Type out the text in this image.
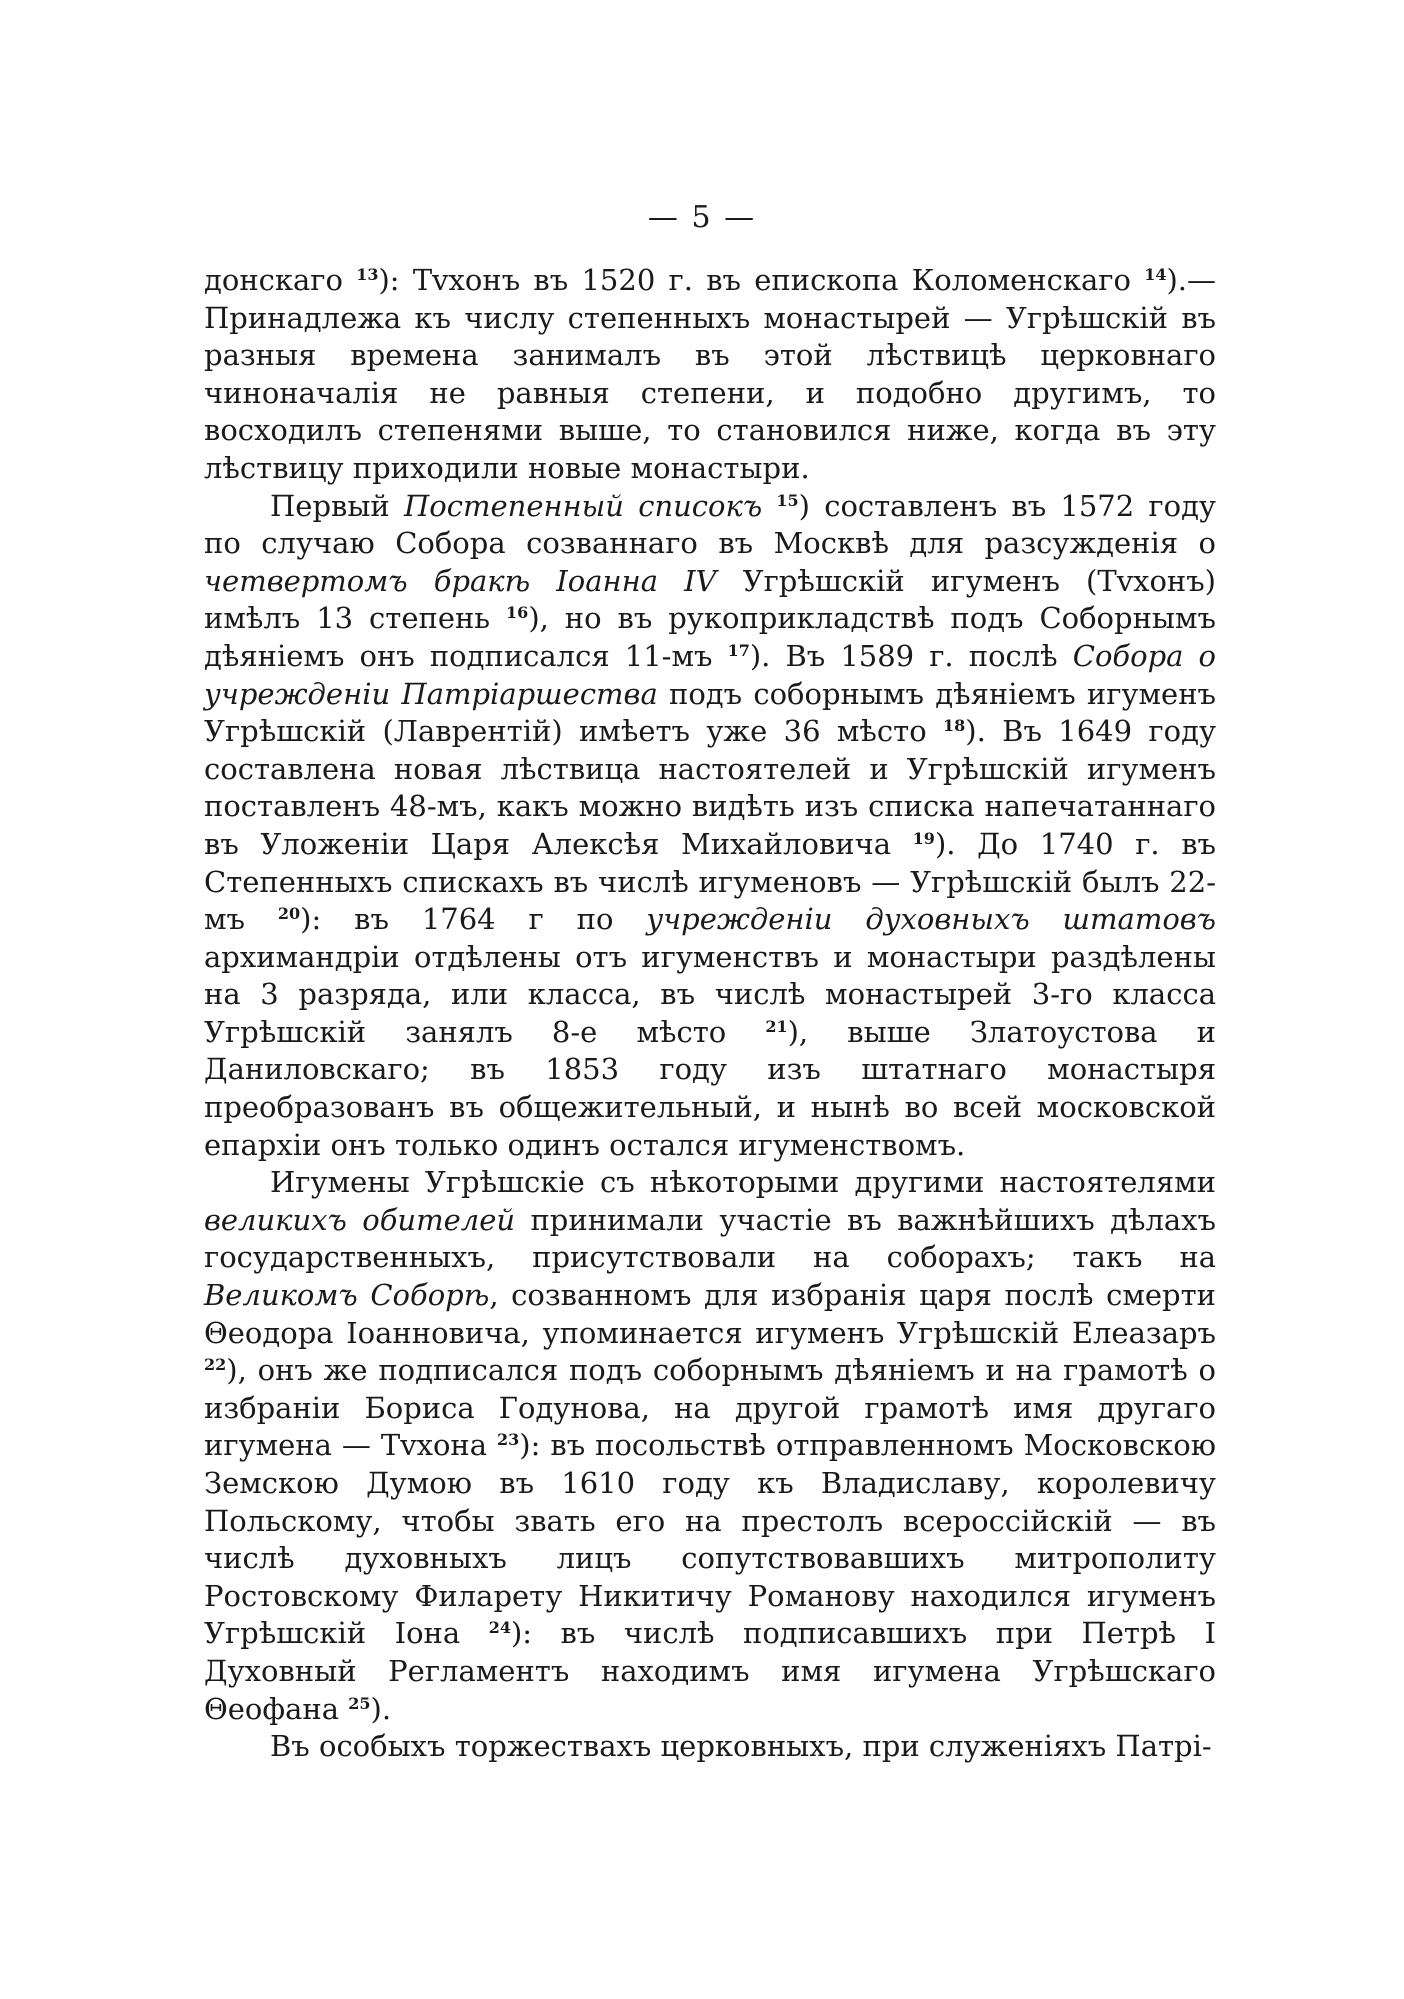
— 5 —

донскаго $^{13}$): Тvхонъ въ 1520 г. въ епископа Коломенскаго $^{14}$).— Принадлежа къ числу степенныхъ монастырей — Угрѣшскій въ разныя времена занималъ въ этой лѣствицѣ церковнаго чиноначалія не равныя степени, и подобно другимъ, то восходилъ степенями выше, то становился ниже, когда въ эту лѣствицу приходили новые монастыри.

Первый Постепенный списокъ $^{15}$) составленъ въ 1572 году по случаю Собора созваннаго въ Москвѣ для разсужденія о четвертомъ бракѣ Іоанна IV Угрѣшскій игуменъ (Тvхонъ) имѣлъ 13 степень $^{16}$), но въ рукоприкладствѣ подъ Соборнымъ дѣяніемъ онъ подписался 11-мъ $^{17}$). Въ 1589 г. послѣ Собора о учрежденіи Патріаршества подъ соборнымъ дѣяніемъ игуменъ Угрѣшскій (Лаврентій) имѣетъ уже 36 мѣсто $^{18}$). Въ 1649 году составлена новая лѣствица настоятелей и Угрѣшскій игуменъ поставленъ 48-мъ, какъ можно видѣть изъ списка напечатаннаго въ Уложеніи Царя Алексѣя Михайловича $^{19}$). До 1740 г. въ Степенныхъ спискахъ въ числѣ игуменовъ — Угрѣшскій былъ 22-мъ $^{20}$): въ 1764 г по учрежденіи духовныхъ штатовъ архимандріи отдѣлены отъ игуменствъ и монастыри раздѣлены на 3 разряда, или класса, въ числѣ монастырей 3-го класса Угрѣшскій занялъ 8-е мѣсто $^{21}$), выше Златоустова и Даниловскаго; въ 1853 году изъ штатнаго монастыря преобразованъ въ общежительный, и нынѣ во всей московской епархіи онъ только одинъ остался игуменствомъ.

Игумены Угрѣшскіе съ нѣкоторыми другими настоятелями великихъ обителей принимали участіе въ важнѣйшихъ дѣлахъ государственныхъ, присутствовали на соборахъ; такъ на Великомъ Соборѣ, созванномъ для избранія царя послѣ смерти Θеодора Іоанновича, упоминается игуменъ Угрѣшскій Елеазаръ $^{22}$), онъ же подписался подъ соборнымъ дѣяніемъ и на грамотѣ о избраніи Бориса Годунова, на другой грамотѣ имя другаго игумена — Тvхона $^{23}$): въ посольствѣ отправленномъ Московскою Земскою Думою въ 1610 году къ Владиславу, королевичу Польскому, чтобы звать его на престолъ всероссійскій — въ числѣ духовныхъ лицъ сопутствовавшихъ митрополиту Ростовскому Филарету Никитичу Романову находился игуменъ Угрѣшскій Іона $^{24}$): въ числѣ подписавшихъ при Петрѣ I Духовный Регламентъ находимъ имя игумена Угрѣшскаго Θеофана $^{25}$).

Въ особыхъ торжествахъ церковныхъ, при служеніяхъ Патрі-
